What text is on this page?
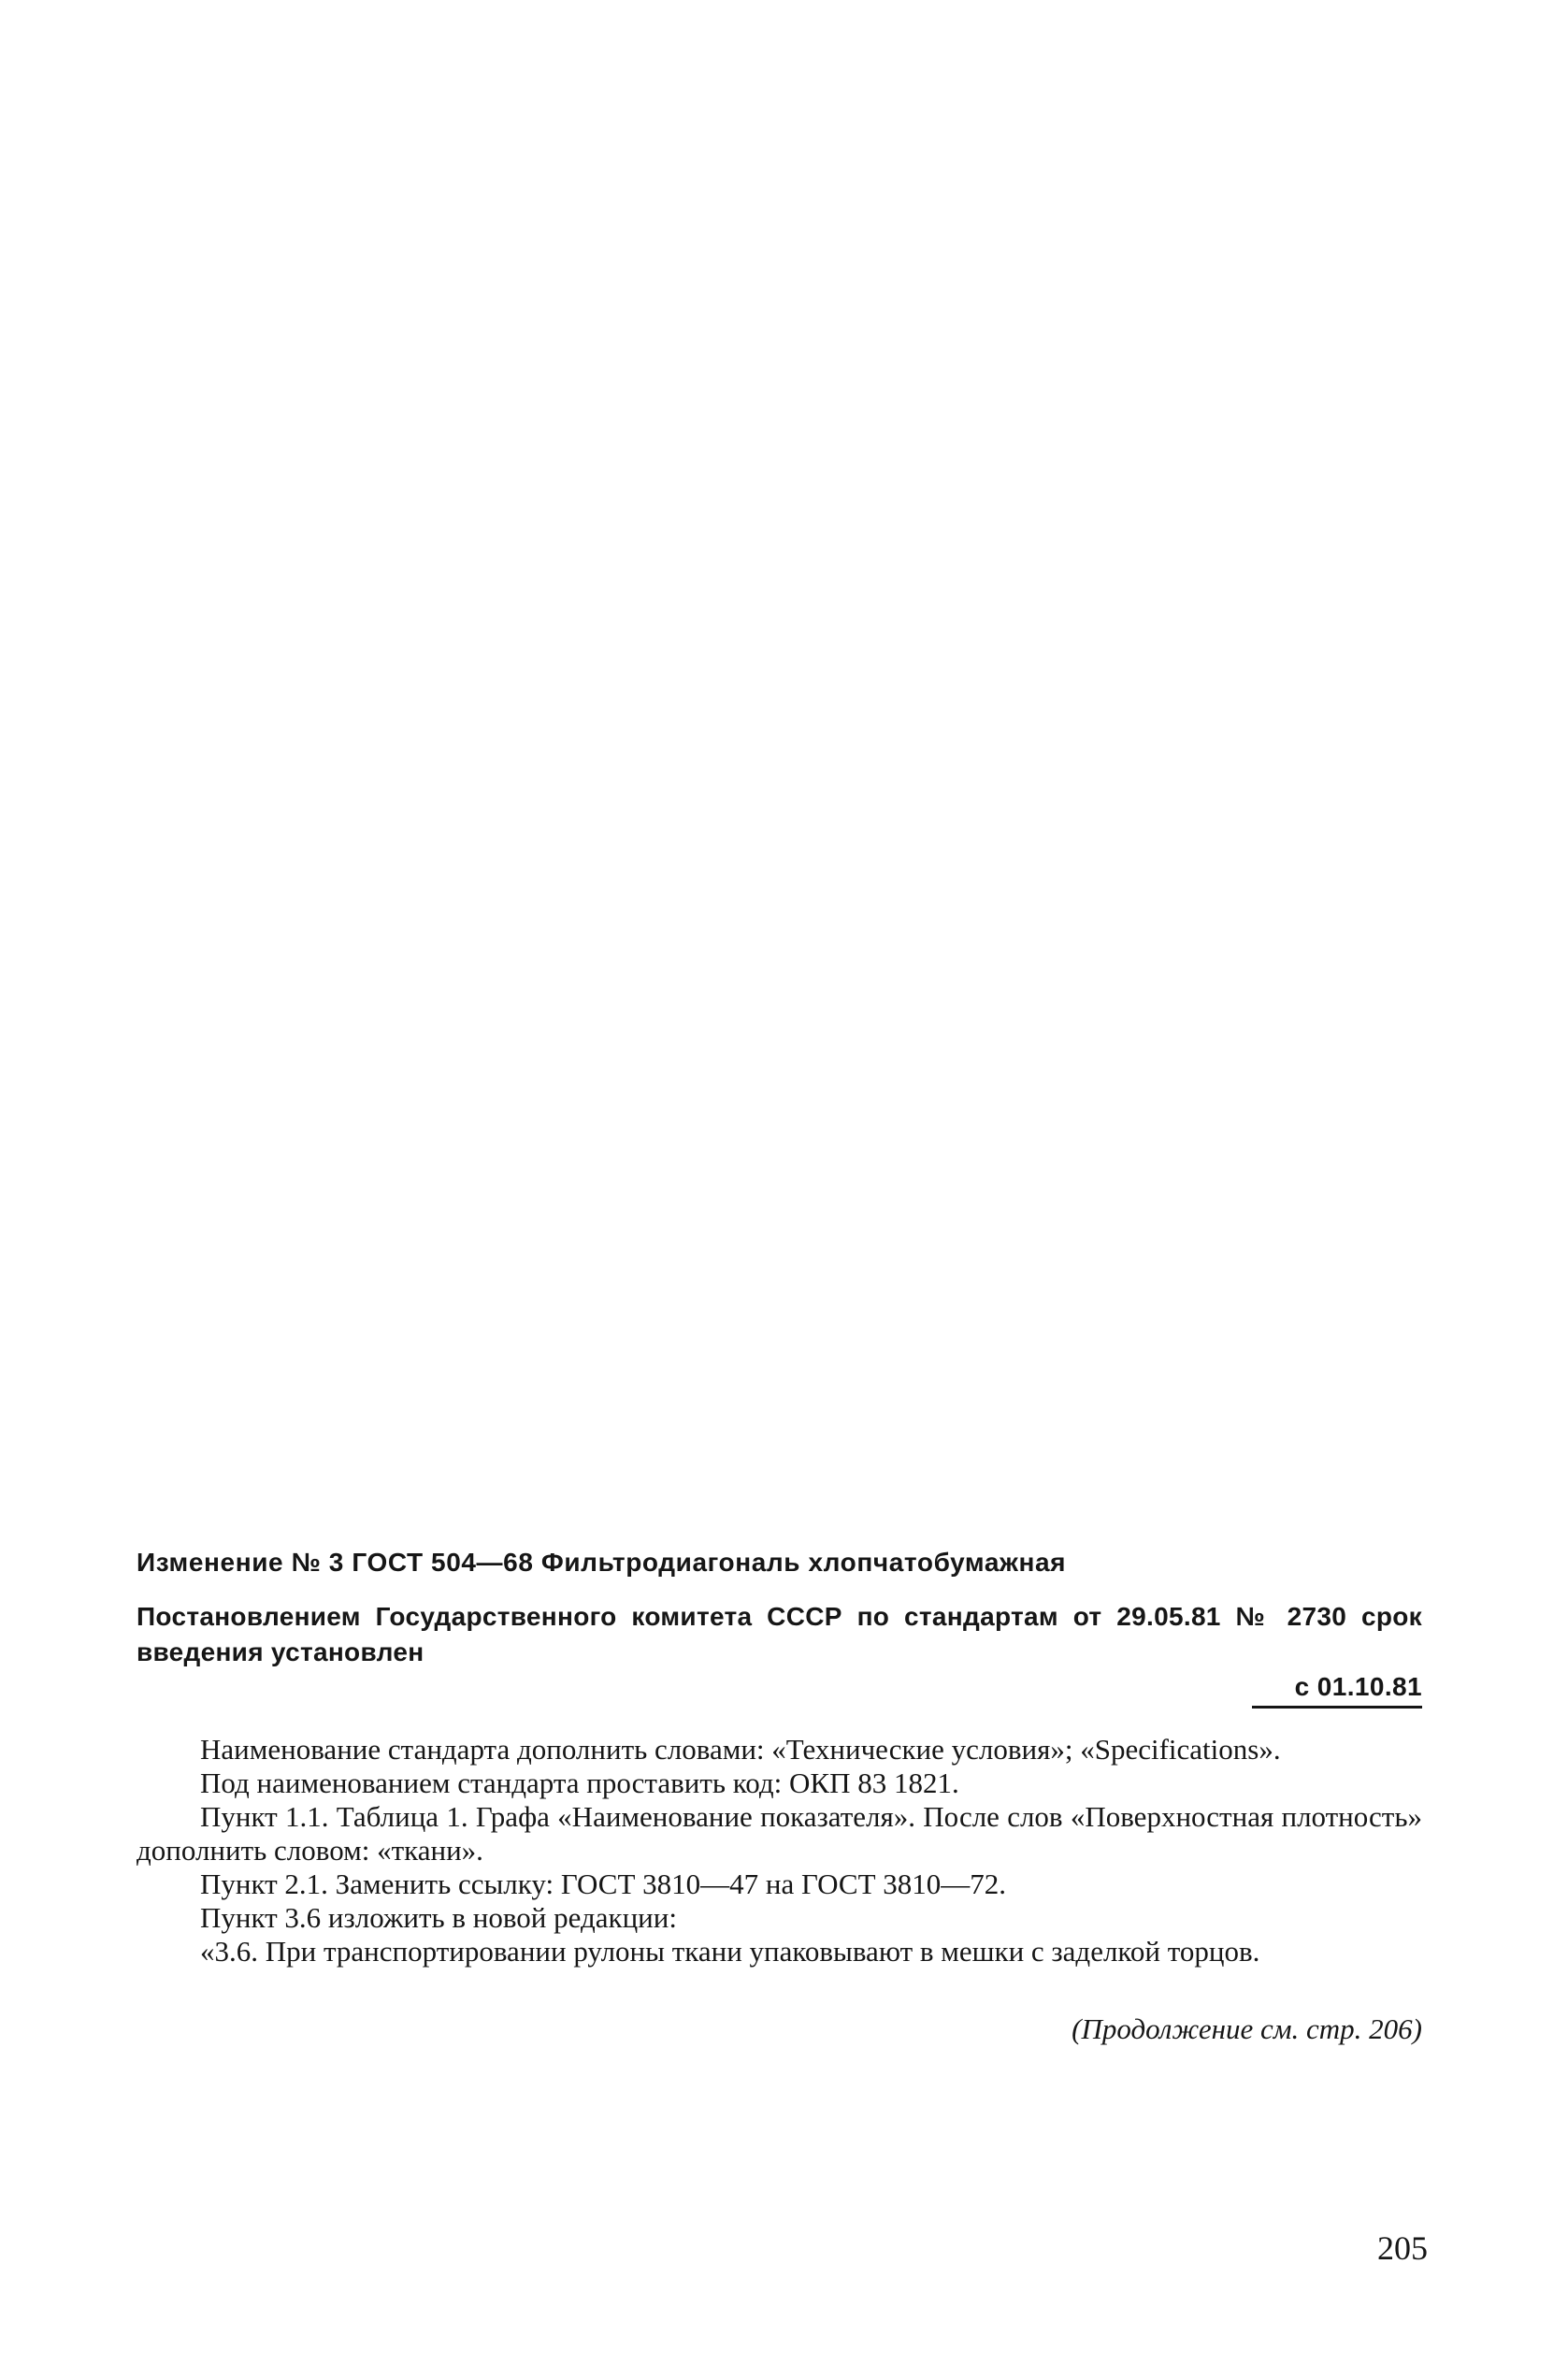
Изменение № 3 ГОСТ 504—68 Фильтродиагональ хлопчатобумажная
Постановлением Государственного комитета СССР по стандартам от 29.05.81 № 2730 срок введения установлен
с 01.10.81

Наименование стандарта дополнить словами: «Технические условия»; «Specifications».

Под наименованием стандарта проставить код: ОКП 83 1821.

Пункт 1.1. Таблица 1. Графа «Наименование показателя». После слов «Поверхностная плотность» дополнить словом: «ткани».

Пункт 2.1. Заменить ссылку: ГОСТ 3810—47 на ГОСТ 3810—72.

Пункт 3.6 изложить в новой редакции:

«3.6. При транспортировании рулоны ткани упаковывают в мешки с заделкой торцов.

(Продолжение см. стр. 206)
205
